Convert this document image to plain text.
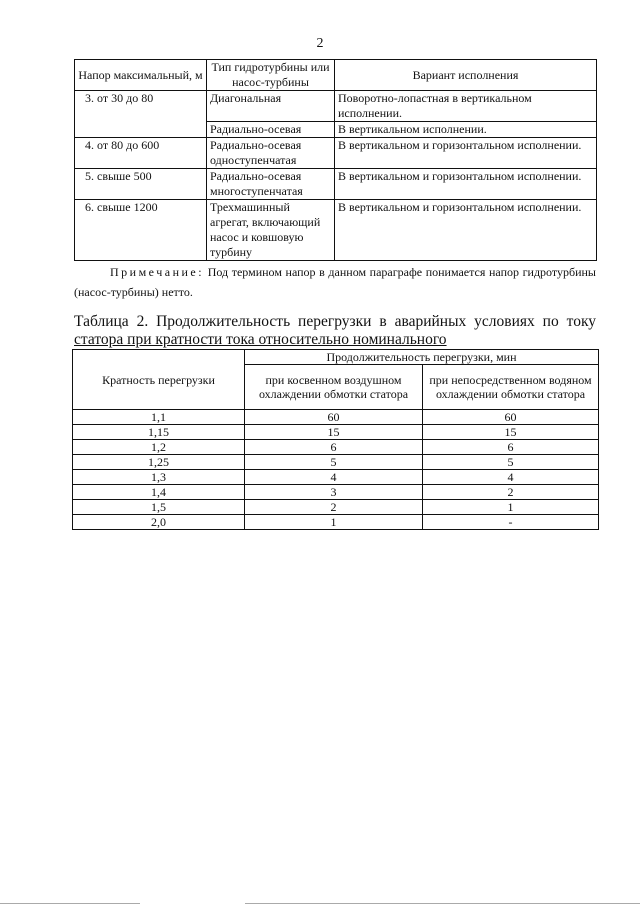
2
Напор максимальный, м	Тип гидротурбины или насос-турбины	Вариант исполнения
3. от 30 до 80	Диагональная	Поворотно-лопастная в вертикальном исполнении.
	Радиально-осевая	В вертикальном исполнении.
4. от 80 до 600	Радиально-осевая одноступенчатая	В вертикальном и горизонтальном исполнении.
5. свыше 500	Радиально-осевая многоступенчатая	В вертикальном и горизонтальном исполнении.
6. свыше 1200	Трехмашинный агрегат, включающий насос и ковшовую турбину	В вертикальном и горизонтальном исполнении.
Примечание: Под термином напор в данном параграфе понимается напор гидротурбины (насос-турбины) нетто.
Таблица 2. Продолжительность перегрузки в аварийных условиях по току
статора при кратности тока относительно номинального
Кратность перегрузки	Продолжительность перегрузки, мин	
	при косвенном воздушном охлаждении обмотки статора	при непосредственном водяном охлаждении обмотки статора
1,1	60	60
1,15	15	15
1,2	6	6
1,25	5	5
1,3	4	4
1,4	3	2
1,5	2	1
2,0	1	-
